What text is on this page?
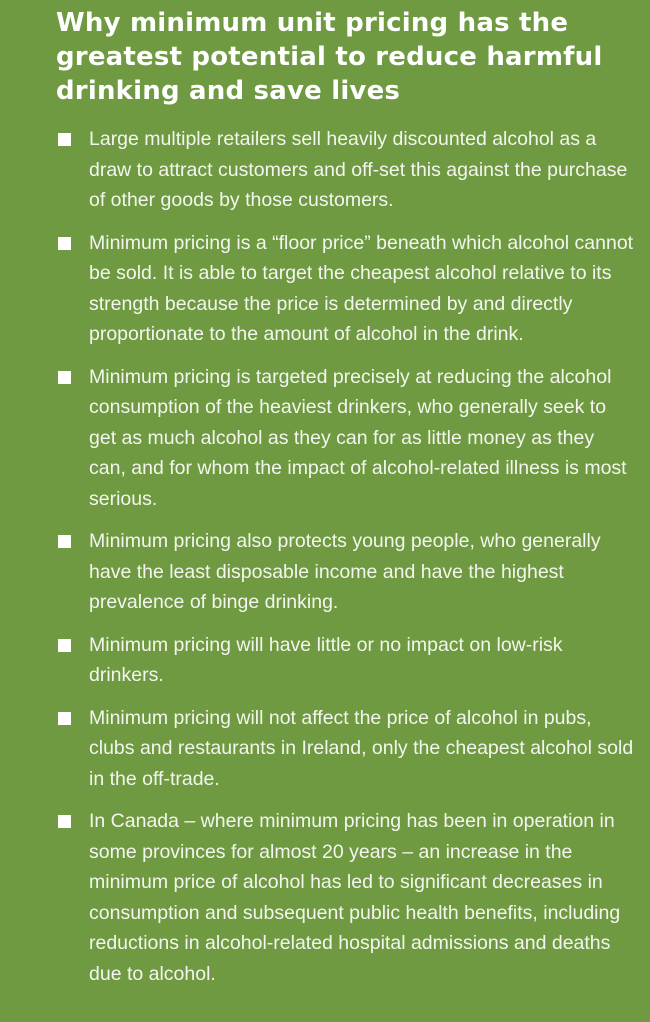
Why minimum unit pricing has the greatest potential to reduce harmful drinking and save lives
Large multiple retailers sell heavily discounted alcohol as a draw to attract customers and off-set this against the purchase of other goods by those customers.
Minimum pricing is a “floor price” beneath which alcohol cannot be sold. It is able to target the cheapest alcohol relative to its strength because the price is determined by and directly proportionate to the amount of alcohol in the drink.
Minimum pricing is targeted precisely at reducing the alcohol consumption of the heaviest drinkers, who generally seek to get as much alcohol as they can for as little money as they can, and for whom the impact of alcohol-related illness is most serious.
Minimum pricing also protects young people, who generally have the least disposable income and have the highest prevalence of binge drinking.
Minimum pricing will have little or no impact on low-risk drinkers.
Minimum pricing will not affect the price of alcohol in pubs, clubs and restaurants in Ireland, only the cheapest alcohol sold in the off-trade.
In Canada – where minimum pricing has been in operation in some provinces for almost 20 years – an increase in the minimum price of alcohol has led to significant decreases in consumption and subsequent public health benefits, including reductions in alcohol-related hospital admissions and deaths due to alcohol.
